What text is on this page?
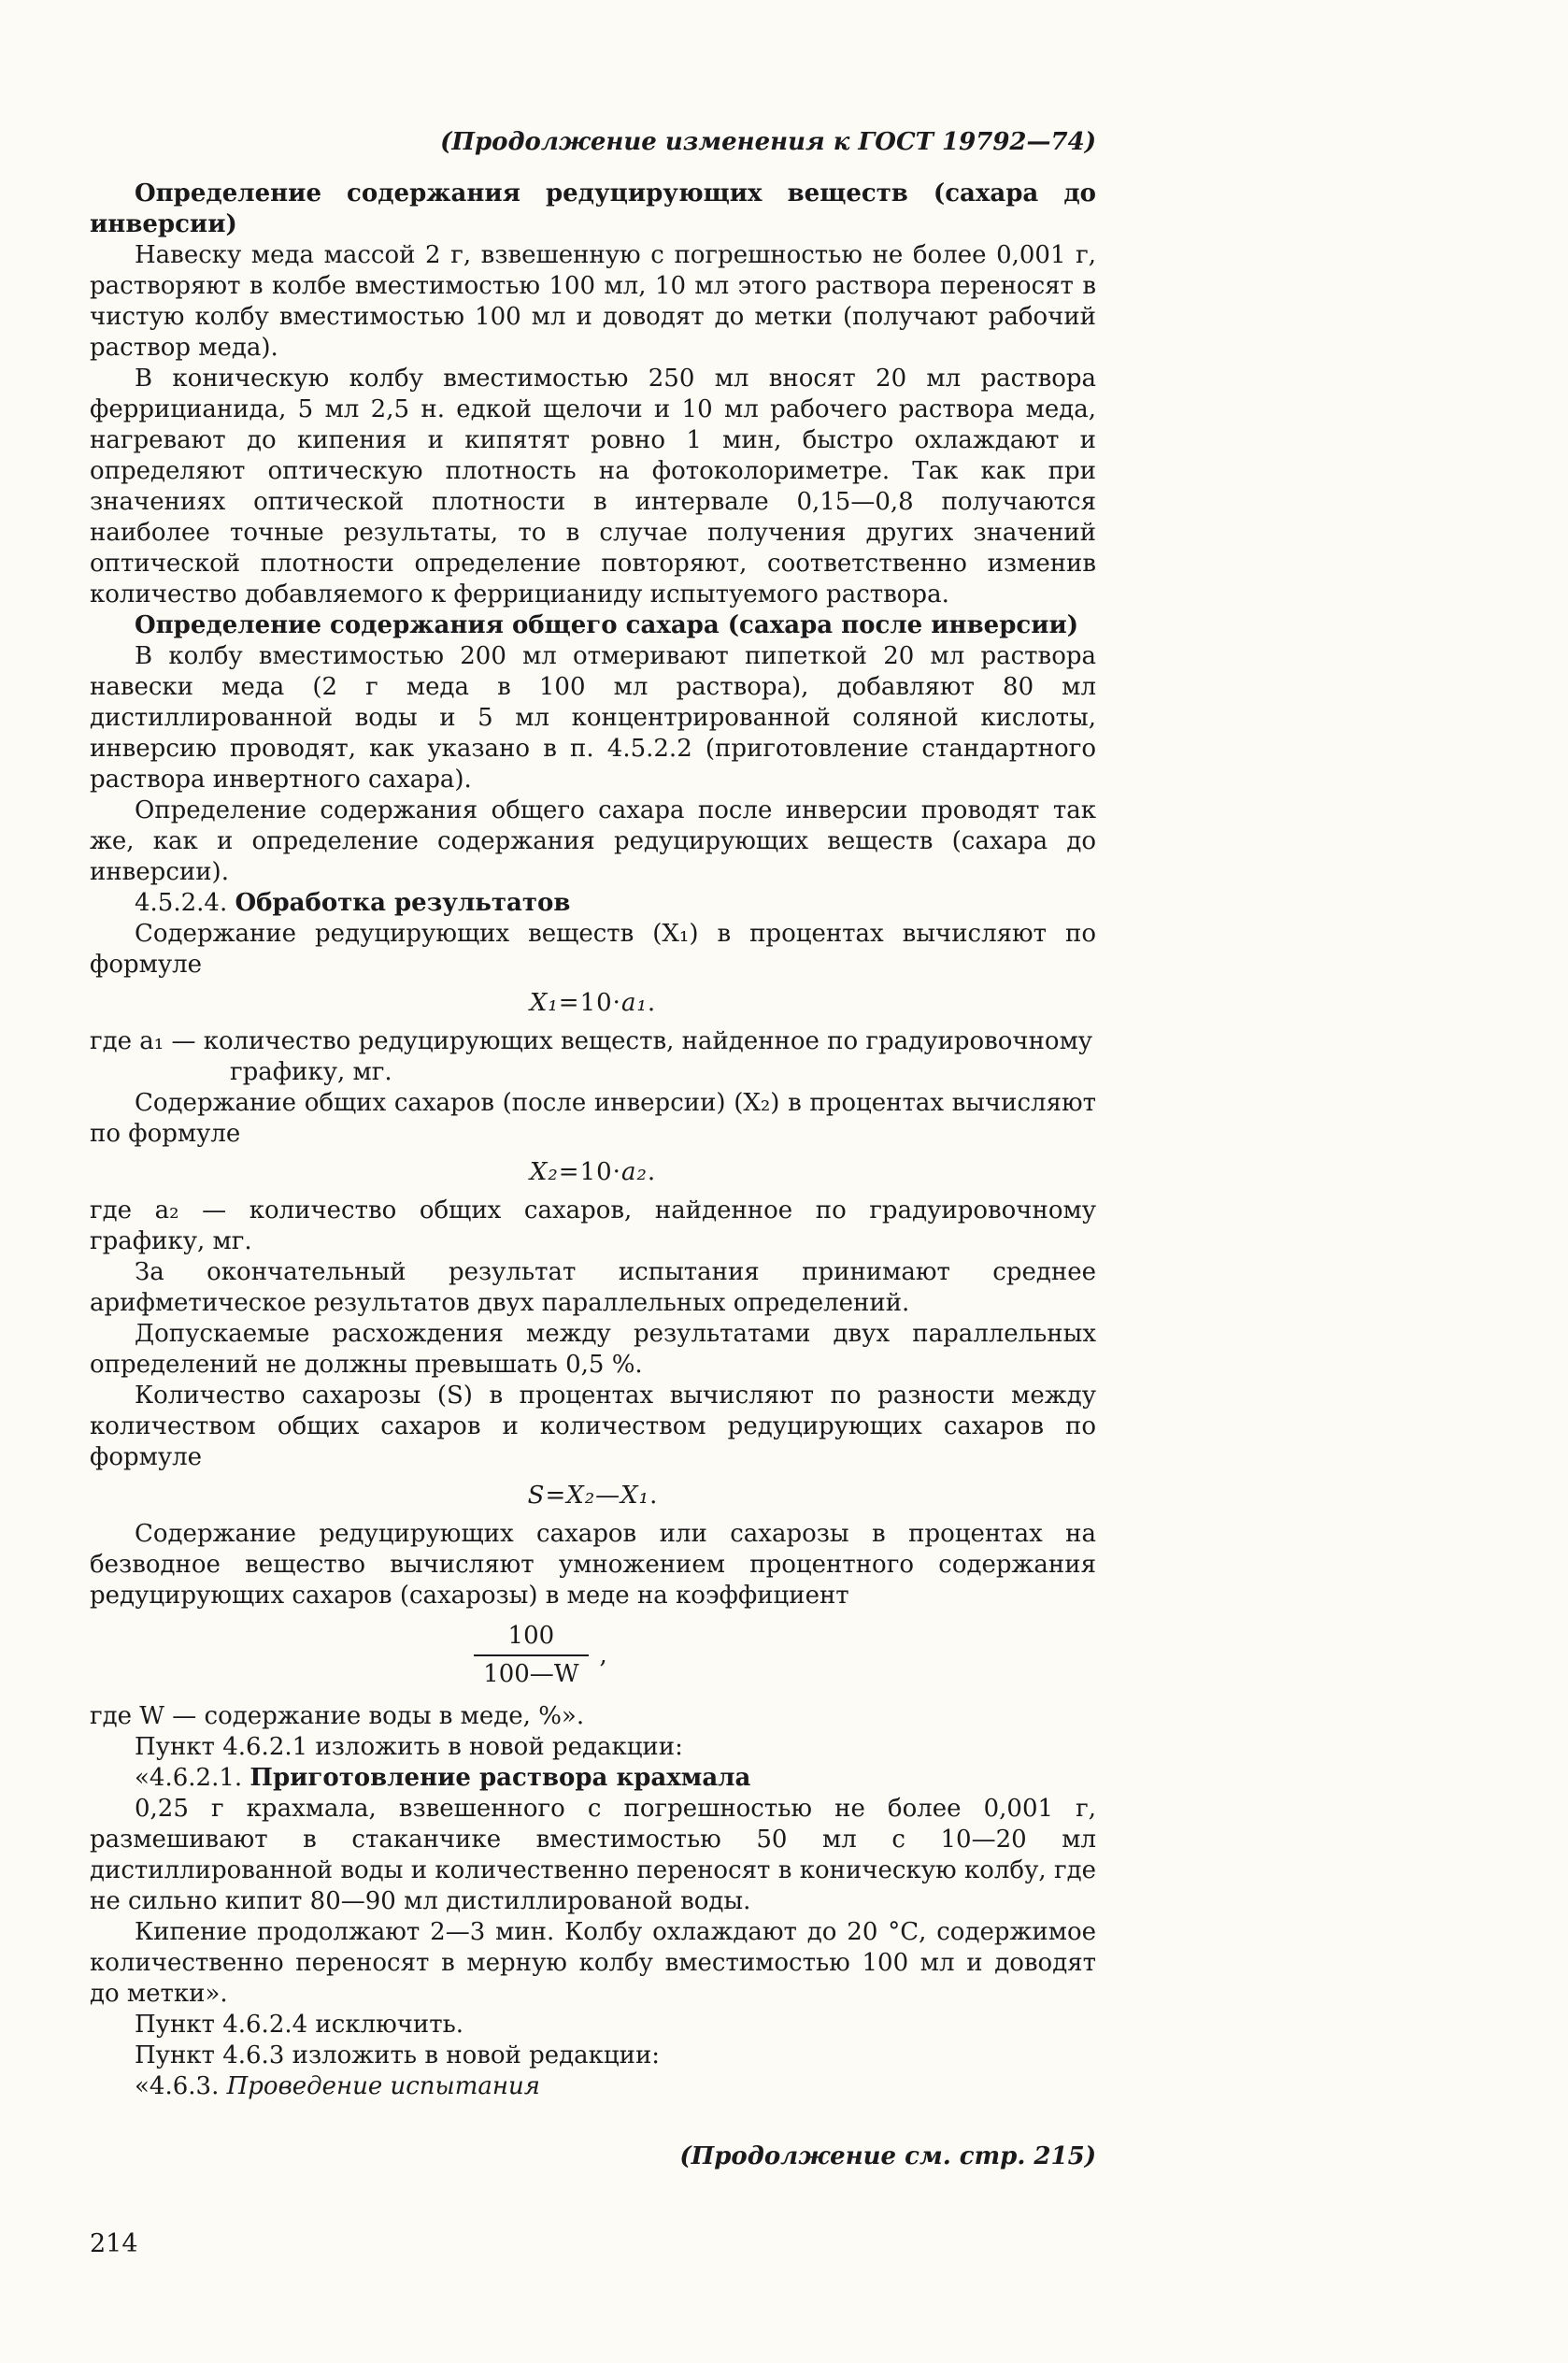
(Продолжение изменения к ГОСТ 19792—74)

Определение содержания редуцирующих веществ (сахара до инверсии)

Навеску меда массой 2 г, взвешенную с погрешностью не более 0,001 г, растворяют в колбе вместимостью 100 мл, 10 мл этого раствора переносят в чистую колбу вместимостью 100 мл и доводят до метки (получают рабочий раствор меда).

В коническую колбу вместимостью 250 мл вносят 20 мл раствора феррицианида, 5 мл 2,5 н. едкой щелочи и 10 мл рабочего раствора меда, нагревают до кипения и кипятят ровно 1 мин, быстро охлаждают и определяют оптическую плотность на фотоколориметре. Так как при значениях оптической плотности в интервале 0,15—0,8 получаются наиболее точные результаты, то в случае получения других значений оптической плотности определение повторяют, соответственно изменив количество добавляемого к феррицианиду испытуемого раствора.

Определение содержания общего сахара (сахара после инверсии)

В колбу вместимостью 200 мл отмеривают пипеткой 20 мл раствора навески меда (2 г меда в 100 мл раствора), добавляют 80 мл дистиллированной воды и 5 мл концентрированной соляной кислоты, инверсию проводят, как указано в п. 4.5.2.2 (приготовление стандартного раствора инвертного сахара).

Определение содержания общего сахара после инверсии проводят так же, как и определение содержания редуцирующих веществ (сахара до инверсии).

4.5.2.4. Обработка результатов

Содержание редуцирующих веществ (X₁) в процентах вычисляют по формуле

X₁=10·a₁.

где a₁ — количество редуцирующих веществ, найденное по градуировочному графику, мг.

Содержание общих сахаров (после инверсии) (X₂) в процентах вычисляют по формуле

X₂=10·a₂.

где a₂ — количество общих сахаров, найденное по градуировочному графику, мг.

За окончательный результат испытания принимают среднее арифметическое результатов двух параллельных определений.

Допускаемые расхождения между результатами двух параллельных определений не должны превышать 0,5 %.

Количество сахарозы (S) в процентах вычисляют по разности между количеством общих сахаров и количеством редуцирующих сахаров по формуле

S=X₂—X₁.

Содержание редуцирующих сахаров или сахарозы в процентах на безводное вещество вычисляют умножением процентного содержания редуцирующих сахаров (сахарозы) в меде на коэффициент

$\frac{100}{100—W}$ ,

где W — содержание воды в меде, %».

Пункт 4.6.2.1 изложить в новой редакции:

«4.6.2.1. Приготовление раствора крахмала

0,25 г крахмала, взвешенного с погрешностью не более 0,001 г, размешивают в стаканчике вместимостью 50 мл с 10—20 мл дистиллированной воды и количественно переносят в коническую колбу, где не сильно кипит 80—90 мл дистиллированой воды.

Кипение продолжают 2—3 мин. Колбу охлаждают до 20 °С, содержимое количественно переносят в мерную колбу вместимостью 100 мл и доводят до метки».

Пункт 4.6.2.4 исключить.

Пункт 4.6.3 изложить в новой редакции:

«4.6.3. Проведение испытания

(Продолжение см. стр. 215)

214
